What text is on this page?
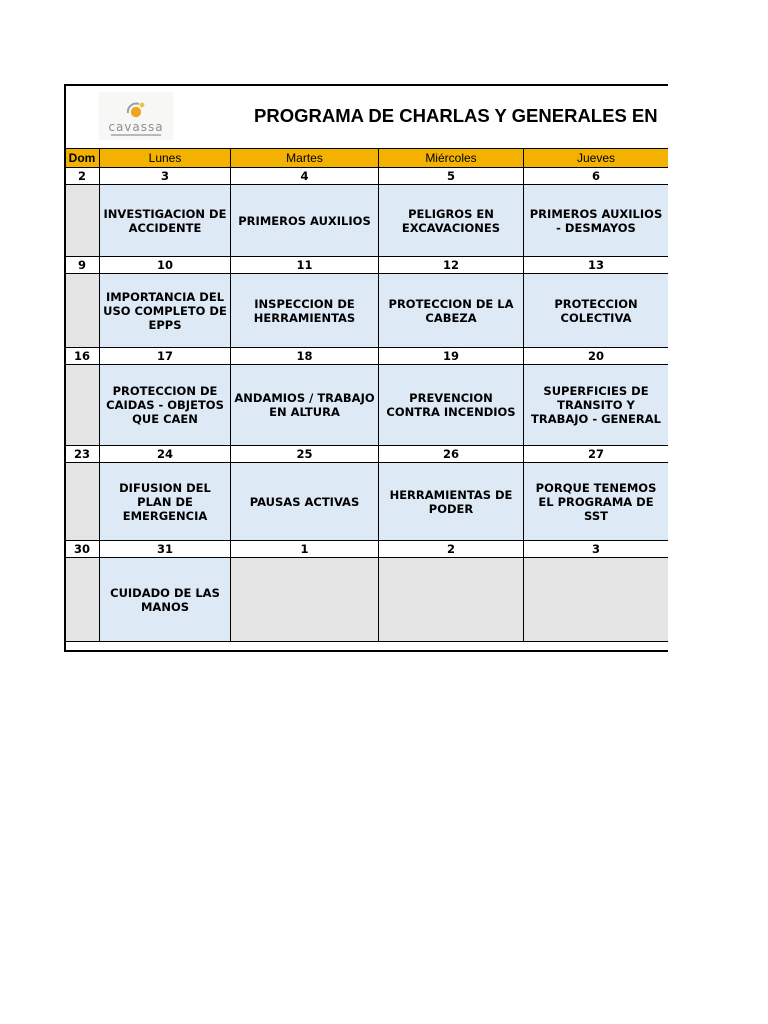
cavassa
PROGRAMA DE CHARLAS Y GENERALES EN
Dom	Lunes	Martes	Miércoles	Jueves
2	3	4	5	6
	INVESTIGACION DE ACCIDENTE	PRIMEROS AUXILIOS	PELIGROS EN EXCAVACIONES	PRIMEROS AUXILIOS - DESMAYOS
9	10	11	12	13
	IMPORTANCIA DEL USO COMPLETO DE EPPS	INSPECCION DE HERRAMIENTAS	PROTECCION DE LA CABEZA	PROTECCION COLECTIVA
16	17	18	19	20
	PROTECCION DE CAIDAS - OBJETOS QUE CAEN	ANDAMIOS / TRABAJO EN ALTURA	PREVENCION CONTRA INCENDIOS	SUPERFICIES DE TRANSITO Y TRABAJO - GENERAL
23	24	25	26	27
	DIFUSION DEL PLAN DE EMERGENCIA	PAUSAS ACTIVAS	HERRAMIENTAS DE PODER	PORQUE TENEMOS EL PROGRAMA DE SST
30	31	1	2	3
	CUIDADO DE LAS MANOS			
